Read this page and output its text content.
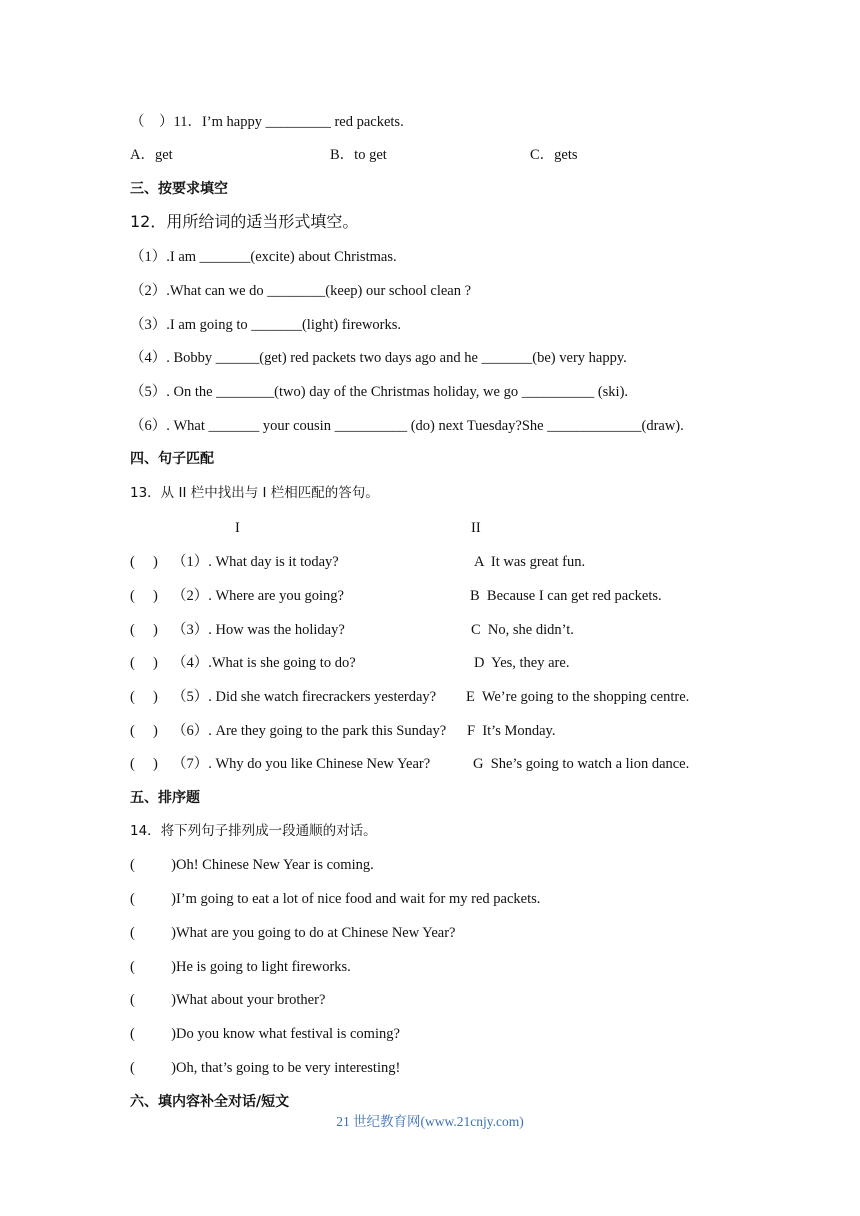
（　）11．I’m happy _________ red packets.
A．get	B．to get	C．gets
三、按要求填空
12．用所给词的适当形式填空。
（1）.I am _______(excite) about Christmas.
（2）.What can we do ________(keep) our school clean ?
（3）.I am going to _______(light) fireworks.
（4）. Bobby ______(get) red packets two days ago and he _______(be) very happy.
（5）. On the ________(two) day of the Christmas holiday, we go __________ (ski).
（6）. What _______ your cousin __________ (do) next Tuesday?She _____________(draw).
四、句子匹配
13．从 II 栏中找出与 I 栏相匹配的答句。
I	II
(     ) （1）. What day is it today?	A  It was great fun.
(     ) （2）. Where are you going?	B  Because I can get red packets.
(     ) （3）. How was the holiday?	C  No, she didn’t.
(     ) （4）.What is she going to do?	D  Yes, they are.
(     ) （5）. Did she watch firecrackers yesterday? E  We’re going to the shopping centre.
(     ) （6）. Are they going to the park this Sunday? F  It’s Monday.
(     ) （7）. Why do you like Chinese New Year?	G  She’s going to watch a lion dance.
五、排序题
14．将下列句子排列成一段通顺的对话。
(          ) Oh! Chinese New Year is coming.
(          ) I’m going to eat a lot of nice food and wait for my red packets.
(          ) What are you going to do at Chinese New Year?
(          ) He is going to light fireworks.
(          ) What about your brother?
(          ) Do you know what festival is coming?
(          ) Oh, that’s going to be very interesting!
六、填内容补全对话/短文
21 世纪教育网(www.21cnjy.com)
